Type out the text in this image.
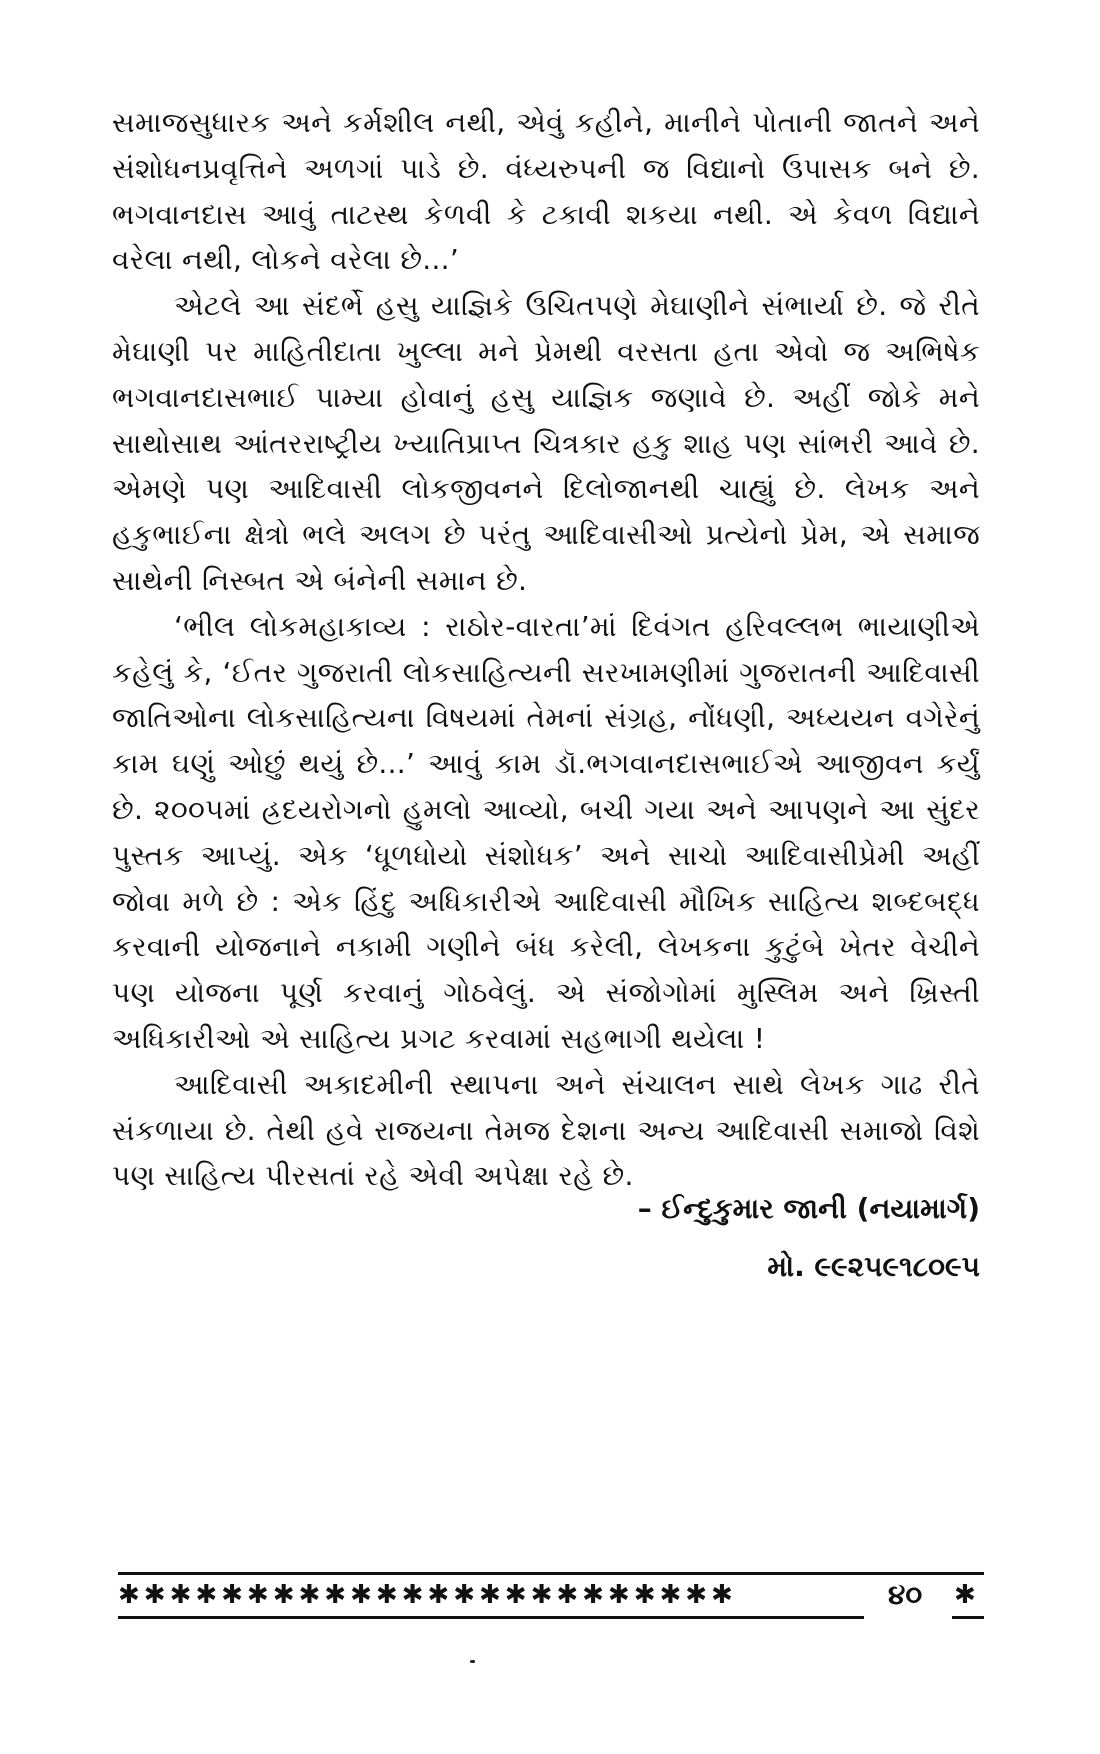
સમાજસુધારક અને કર્મશીલ નથી, એવું કહીને, માનીને પોતાની જાતને અને સંશોધનપ્રવૃત્તિને અળગાં પાડે છે. વંધ્યરુપની જ વિદ્યાનો ઉપાસક બને છે. ભગવાનદાસ આવું તાટસ્થ કેળવી કે ટકાવી શકયા નથી. એ કેવળ વિદ્યાને વરેલા નથી, લોકને વરેલા છે...’

એટલે આ સંદર્ભે હસુ યાજ્ઞિકે ઉચિતપણે મેઘાણીને સંભાર્યા છે. જે રીતે મેઘાણી પર માહિતીદાતા ખુલ્લા મને પ્રેમથી વરસતા હતા એવો જ અભિષેક ભગવાનદાસભાઈ પામ્યા હોવાનું હસુ યાજ્ઞિક જણાવે છે. અહીં જોકે મને સાથોસાથ આંતરરાષ્ટ્રીય ખ્યાતિપ્રાપ્ત ચિત્રકાર હકુ શાહ પણ સાંભરી આવે છે. એમણે પણ આદિવાસી લોકજીવનને દિલોજાનથી ચાહ્યું છે. લેખક અને હકુભાઈના ક્ષેત્રો ભલે અલગ છે પરંતુ આદિવાસીઓ પ્રત્યેનો પ્રેમ, એ સમાજ સાથેની નિસ્બત એ બંનેની સમાન છે.

‘ભીલ લોકમહાકાવ્ય : રાઠોર-વારતા’માં દિવંગત હરિવલ્લભ ભાયાણીએ કહેલું કે, ‘ઈતર ગુજરાતી લોકસાહિત્યની સરખામણીમાં ગુજરાતની આદિવાસી જાતિઓના લોકસાહિત્યના વિષયમાં તેમનાં સંગ્રહ, નોંધણી, અધ્યયન વગેરેનું કામ ઘણું ઓછું થયું છે...’ આવું કામ ડૉ.ભગવાનદાસભાઈએ આજીવન કર્યું છે. ૨૦૦૫માં હ્રદયરોગનો હુમલો આવ્યો, બચી ગયા અને આપણને આ સુંદર પુસ્તક આપ્યું. એક ‘ધૂળધોયો સંશોધક’ અને સાચો આદિવાસીપ્રેમી અહીં જોવા મળે છે : એક હિંદુ અધિકારીએ આદિવાસી મૌખિક સાહિત્ય શબ્દબદ્ધ કરવાની યોજનાને નકામી ગણીને બંધ કરેલી, લેખકના કુટુંબે ખેતર વેચીને પણ યોજના પૂર્ણ કરવાનું ગોઠવેલું. એ સંજોગોમાં મુસ્લિમ અને ખ્રિસ્તી અધિકારીઓ એ સાહિત્ય પ્રગટ કરવામાં સહભાગી થયેલા !

આદિવાસી અકાદમીની સ્થાપના અને સંચાલન સાથે લેખક ગાઢ રીતે સંકળાયા છે. તેથી હવે રાજયના તેમજ દેશના અન્ય આદિવાસી સમાજો વિશે પણ સાહિત્ય પીરસતાં રહે એવી અપેક્ષા રહે છે.

– ઈન્દુકુમાર જાની (નયામાર્ગ)
મો. ૯૯૨૫૯૧૮૦૯૫
✱✱✱✱✱✱✱✱✱✱✱✱✱✱✱✱✱✱✱✱✱✱✱✱	૪૦ ✱
